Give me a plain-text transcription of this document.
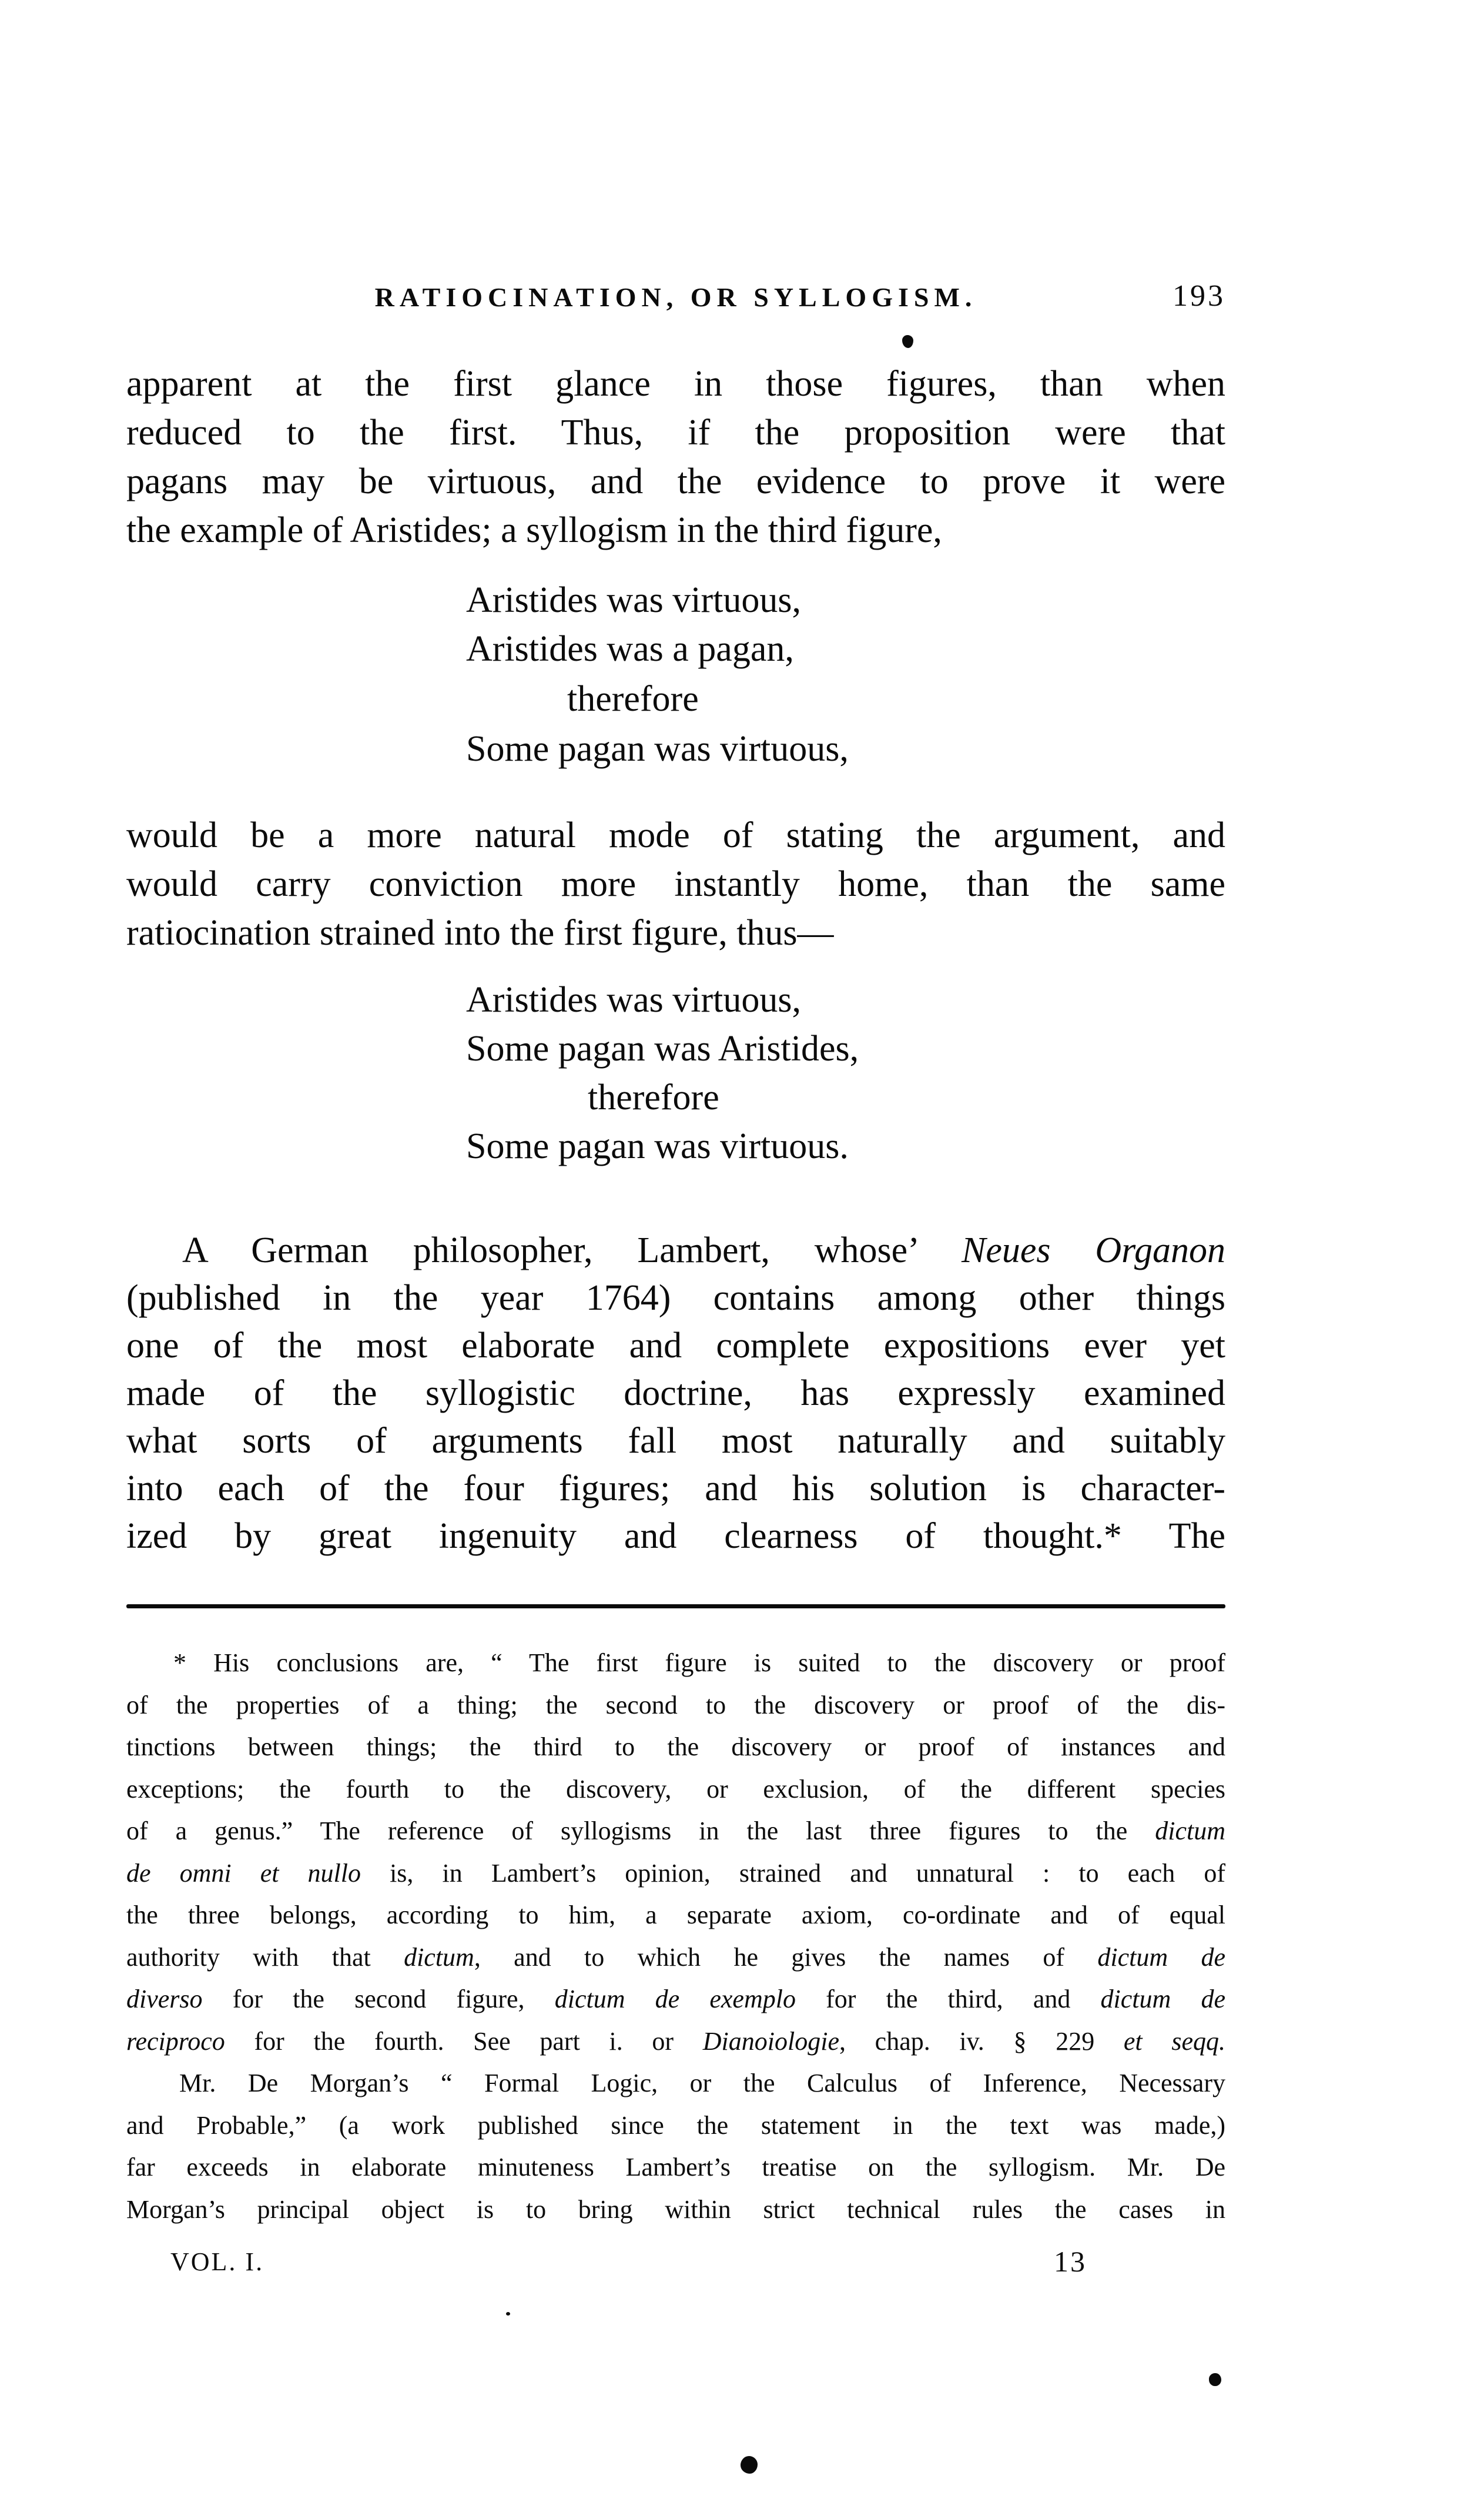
RATIOCINATION, OR SYLLOGISM.	193
apparent at the first glance in those figures, than when
reduced to the first. Thus, if the proposition were that
pagans may be virtuous, and the evidence to prove it were
the example of Aristides; a syllogism in the third figure,
Aristides was virtuous,
Aristides was a pagan,
therefore
Some pagan was virtuous,
would be a more natural mode of stating the argument, and
would carry conviction more instantly home, than the same
ratiocination strained into the first figure, thus—
Aristides was virtuous,
Some pagan was Aristides,
therefore
Some pagan was virtuous.
A German philosopher, Lambert, whose’ Neues Organon
(published in the year 1764) contains among other things
one of the most elaborate and complete expositions ever yet
made of the syllogistic doctrine, has expressly examined
what sorts of arguments fall most naturally and suitably
into each of the four figures; and his solution is character-
ized by great ingenuity and clearness of thought.* The
* His conclusions are, “ The first figure is suited to the discovery or proof
of the properties of a thing; the second to the discovery or proof of the dis-
tinctions between things; the third to the discovery or proof of instances and
exceptions; the fourth to the discovery, or exclusion, of the different species
of a genus.” The reference of syllogisms in the last three figures to the dictum
de omni et nullo is, in Lambert’s opinion, strained and unnatural : to each of
the three belongs, according to him, a separate axiom, co-ordinate and of equal
authority with that dictum, and to which he gives the names of dictum de
diverso for the second figure, dictum de exemplo for the third, and dictum de
reciproco for the fourth. See part i. or Dianoiologie, chap. iv. § 229 et seqq.
Mr. De Morgan’s “ Formal Logic, or the Calculus of Inference, Necessary
and Probable,” (a work published since the statement in the text was made,)
far exceeds in elaborate minuteness Lambert’s treatise on the syllogism. Mr. De
Morgan’s principal object is to bring within strict technical rules the cases in
VOL. I.	13
